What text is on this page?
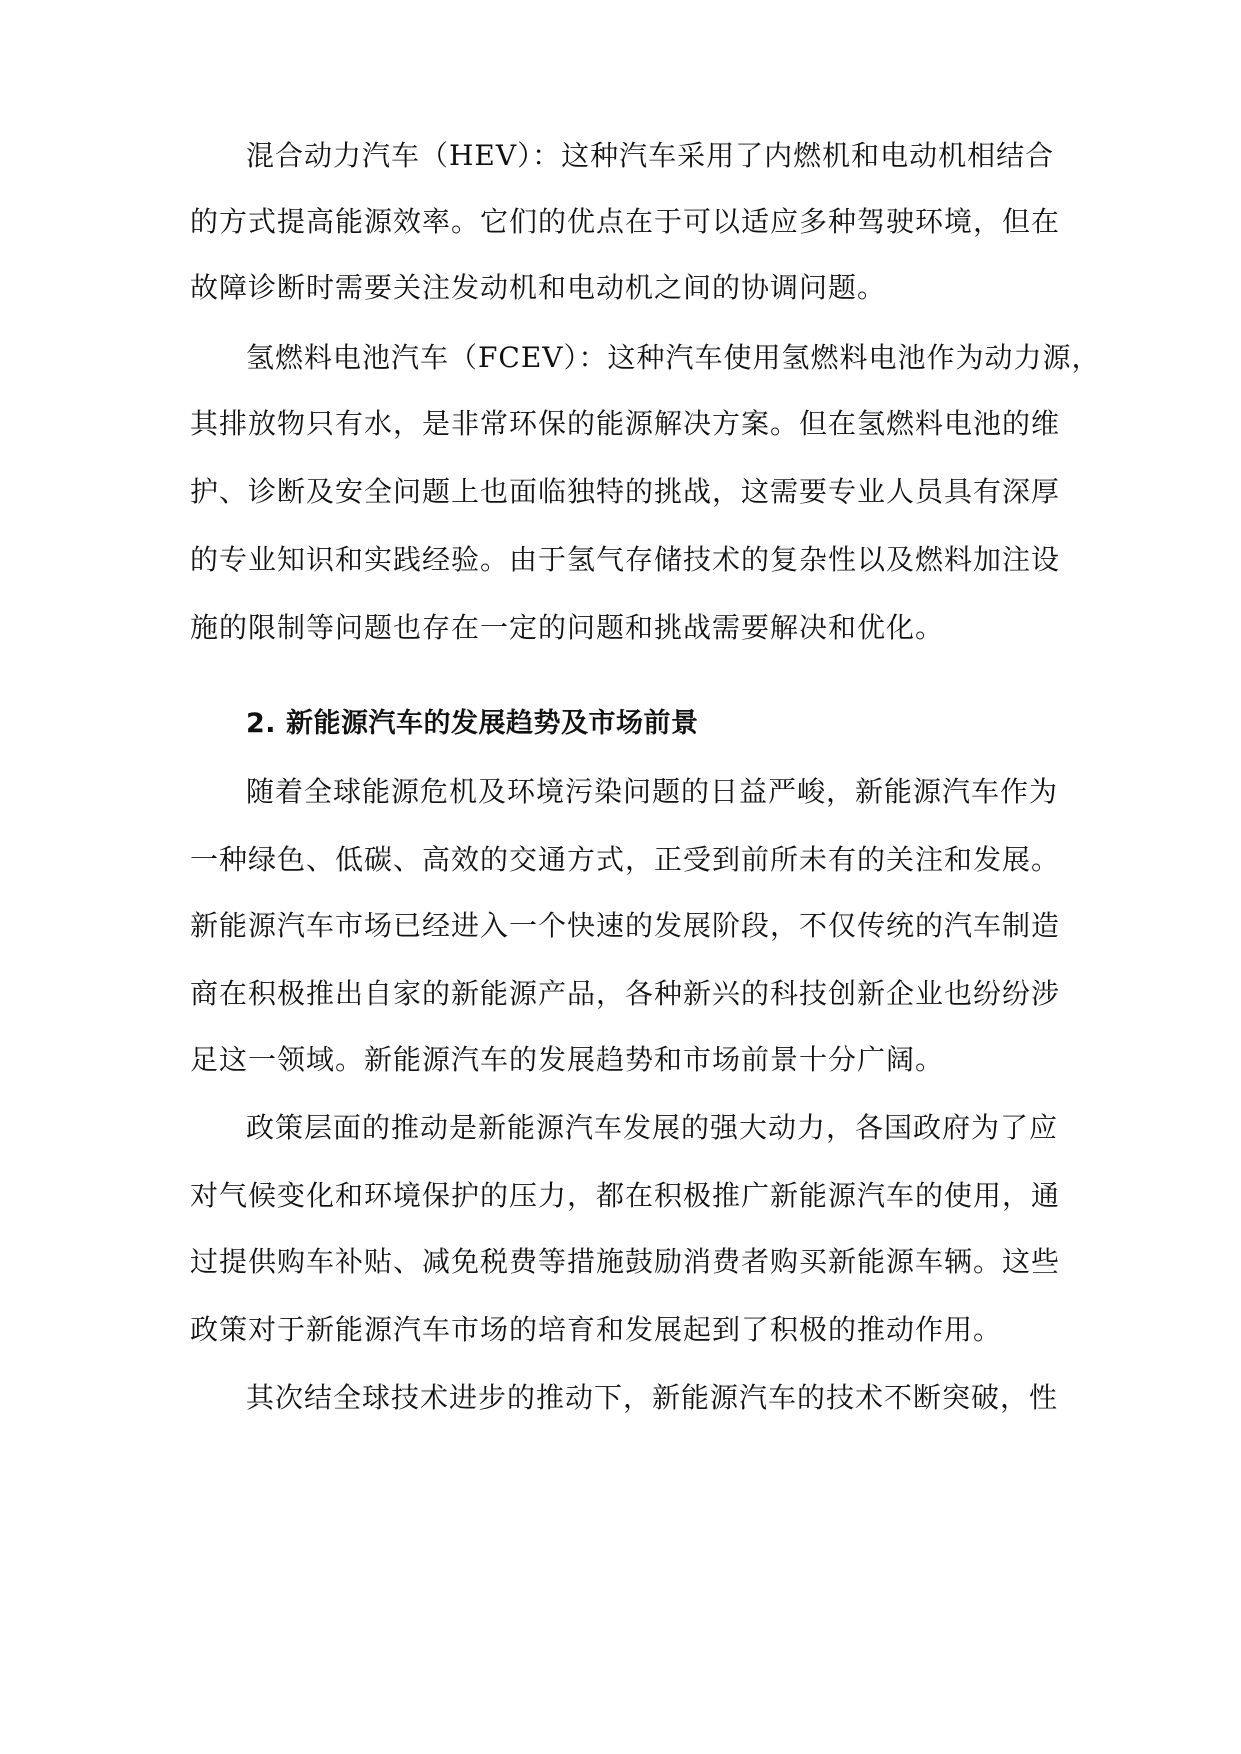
混合动力汽车（HEV）：这种汽车采用了内燃机和电动机相结合
的方式提高能源效率。它们的优点在于可以适应多种驾驶环境，但在
故障诊断时需要关注发动机和电动机之间的协调问题。
氢燃料电池汽车（FCEV）：这种汽车使用氢燃料电池作为动力源，
其排放物只有水，是非常环保的能源解决方案。但在氢燃料电池的维
护、诊断及安全问题上也面临独特的挑战，这需要专业人员具有深厚
的专业知识和实践经验。由于氢气存储技术的复杂性以及燃料加注设
施的限制等问题也存在一定的问题和挑战需要解决和优化。
2. 新能源汽车的发展趋势及市场前景
随着全球能源危机及环境污染问题的日益严峻，新能源汽车作为
一种绿色、低碳、高效的交通方式，正受到前所未有的关注和发展。
新能源汽车市场已经进入一个快速的发展阶段，不仅传统的汽车制造
商在积极推出自家的新能源产品，各种新兴的科技创新企业也纷纷涉
足这一领域。新能源汽车的发展趋势和市场前景十分广阔。
政策层面的推动是新能源汽车发展的强大动力，各国政府为了应
对气候变化和环境保护的压力，都在积极推广新能源汽车的使用，通
过提供购车补贴、减免税费等措施鼓励消费者购买新能源车辆。这些
政策对于新能源汽车市场的培育和发展起到了积极的推动作用。
其次结全球技术进步的推动下，新能源汽车的技术不断突破，性
